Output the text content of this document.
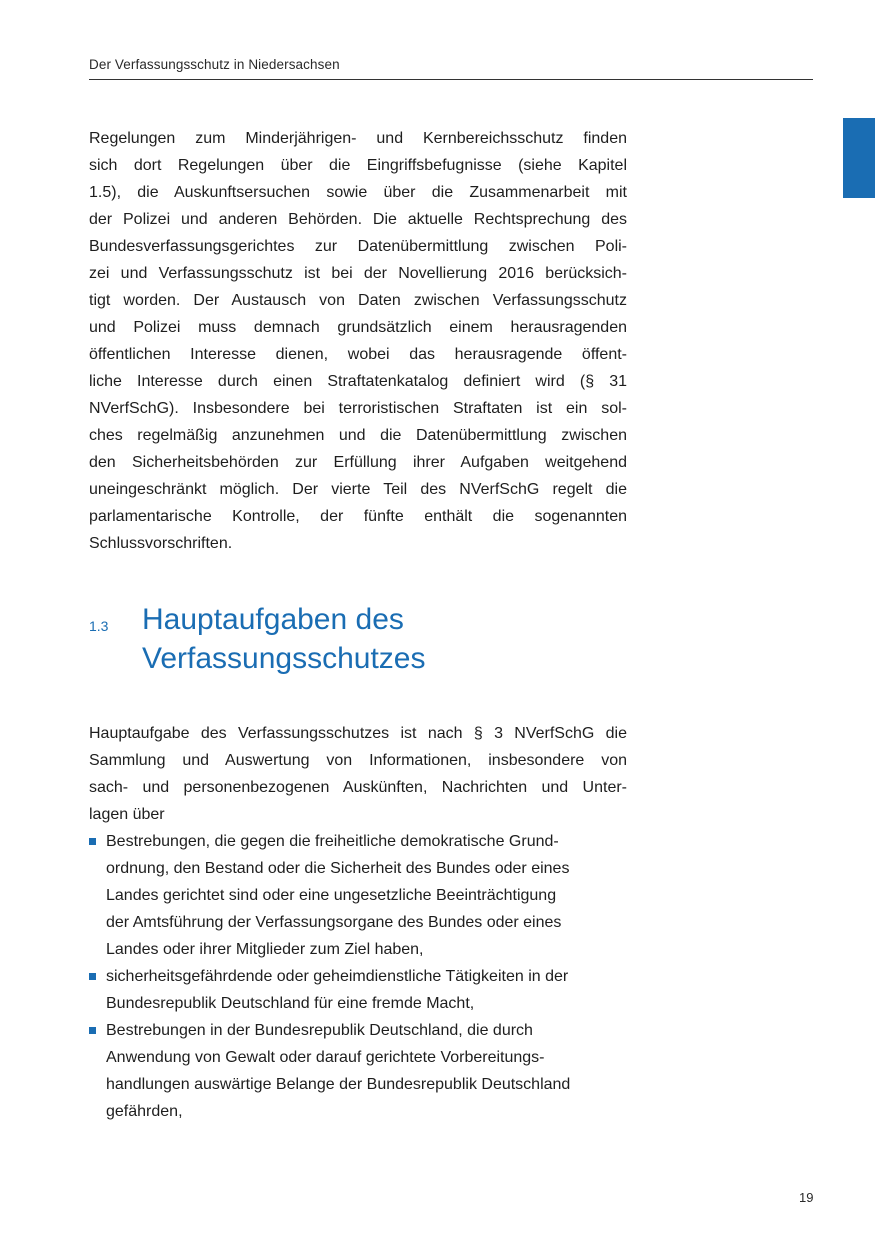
Der Verfassungsschutz in Niedersachsen

Regelungen zum Minderjährigen- und Kernbereichsschutz finden
sich dort Regelungen über die Eingriffsbefugnisse (siehe Kapitel
1.5), die Auskunftsersuchen sowie über die Zusammenarbeit mit
der Polizei und anderen Behörden. Die aktuelle Rechtsprechung des
Bundesverfassungsgerichtes zur Datenübermittlung zwischen Poli-
zei und Verfassungsschutz ist bei der Novellierung 2016 berücksich-
tigt worden. Der Austausch von Daten zwischen Verfassungsschutz
und Polizei muss demnach grundsätzlich einem herausragenden
öffentlichen Interesse dienen, wobei das herausragende öffent-
liche Interesse durch einen Straftatenkatalog definiert wird (§ 31
NVerfSchG). Insbesondere bei terroristischen Straftaten ist ein sol-
ches regelmäßig anzunehmen und die Datenübermittlung zwischen
den Sicherheitsbehörden zur Erfüllung ihrer Aufgaben weitgehend
uneingeschränkt möglich. Der vierte Teil des NVerfSchG regelt die
parlamentarische Kontrolle, der fünfte enthält die sogenannten
Schlussvorschriften.

1.3 Hauptaufgaben des
Verfassungsschutzes

Hauptaufgabe des Verfassungsschutzes ist nach § 3 NVerfSchG die
Sammlung und Auswertung von Informationen, insbesondere von
sach- und personenbezogenen Auskünften, Nachrichten und Unter-
lagen über

Bestrebungen, die gegen die freiheitliche demokratische Grund-
ordnung, den Bestand oder die Sicherheit des Bundes oder eines
Landes gerichtet sind oder eine ungesetzliche Beeinträchtigung
der Amtsführung der Verfassungsorgane des Bundes oder eines
Landes oder ihrer Mitglieder zum Ziel haben,
sicherheitsgefährdende oder geheimdienstliche Tätigkeiten in der
Bundesrepublik Deutschland für eine fremde Macht,
Bestrebungen in der Bundesrepublik Deutschland, die durch
Anwendung von Gewalt oder darauf gerichtete Vorbereitungs-
handlungen auswärtige Belange der Bundesrepublik Deutschland
gefährden,
19
